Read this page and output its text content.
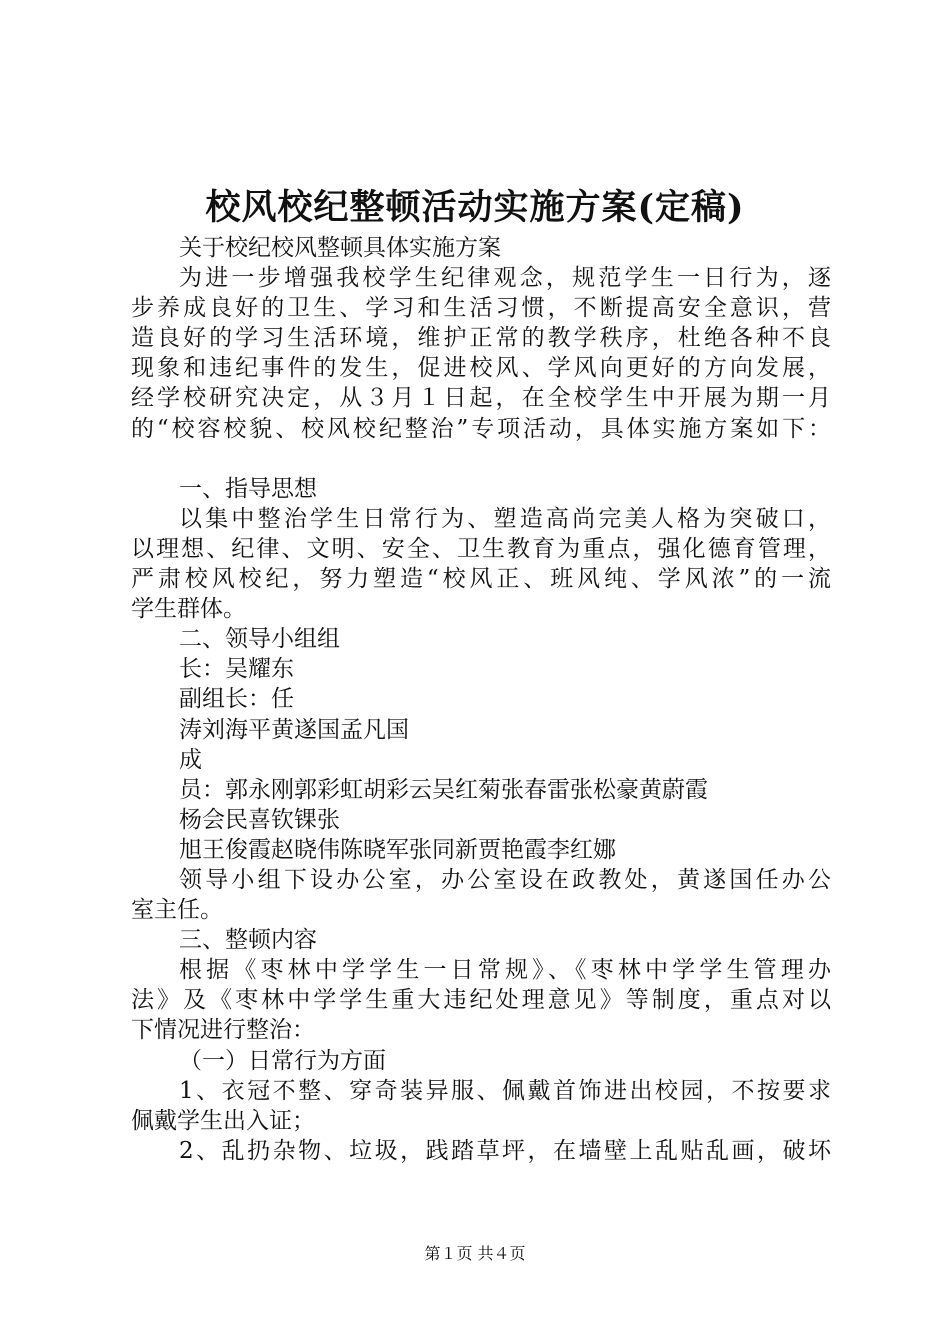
校风校纪整顿活动实施方案(定稿)
关于校纪校风整顿具体实施方案
为进一步增强我校学生纪律观念，规范学生一日行为，逐
步养成良好的卫生、学习和生活习惯，不断提高安全意识，营
造良好的学习生活环境，维护正常的教学秩序，杜绝各种不良
现象和违纪事件的发生，促进校风、学风向更好的方向发展，
经学校研究决定，从３月１日起，在全校学生中开展为期一月
的“校容校貌、校风校纪整治”专项活动，具体实施方案如下：
一、指导思想
以集中整治学生日常行为、塑造高尚完美人格为突破口，
以理想、纪律、文明、安全、卫生教育为重点，强化德育管理，
严肃校风校纪，努力塑造“校风正、班风纯、学风浓”的一流
学生群体。
二、领导小组组
长：吴耀东
副组长：任
涛刘海平黄遂国孟凡国
成
员：郭永刚郭彩虹胡彩云吴红菊张春雷张松豪黄蔚霞
杨会民喜钦锞张
旭王俊霞赵晓伟陈晓军张同新贾艳霞李红娜
领导小组下设办公室，办公室设在政教处，黄遂国任办公
室主任。
三、整顿内容
根据《枣林中学学生一日常规》、《枣林中学学生管理办
法》及《枣林中学学生重大违纪处理意见》等制度，重点对以
下情况进行整治：
（一）日常行为方面
1、衣冠不整、穿奇装异服、佩戴首饰进出校园，不按要求
佩戴学生出入证；
2、乱扔杂物、垃圾，践踏草坪，在墙壁上乱贴乱画，破坏
第１页 共４页
